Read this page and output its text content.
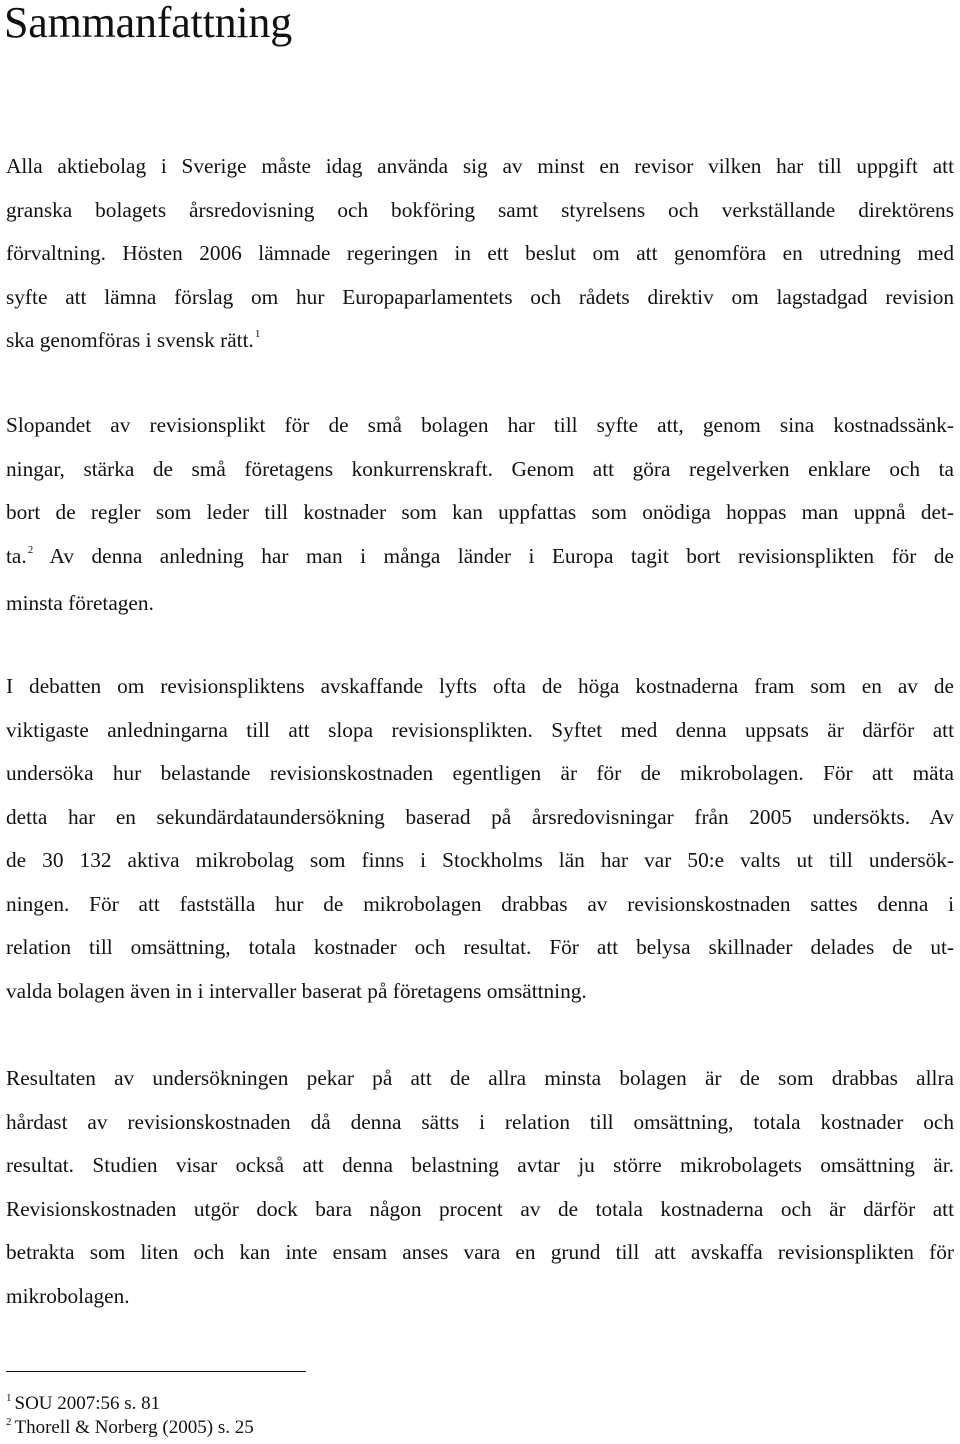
Sammanfattning

Alla aktiebolag i Sverige måste idag använda sig av minst en revisor vilken har till uppgift att
granska bolagets årsredovisning och bokföring samt styrelsens och verkställande direktörens
förvaltning. Hösten 2006 lämnade regeringen in ett beslut om att genomföra en utredning med
syfte att lämna förslag om hur Europaparlamentets och rådets direktiv om lagstadgad revision
ska genomföras i svensk rätt.$^1$

Slopandet av revisionsplikt för de små bolagen har till syfte att, genom sina kostnadssänk-
ningar, stärka de små företagens konkurrenskraft. Genom att göra regelverken enklare och ta
bort de regler som leder till kostnader som kan uppfattas som onödiga hoppas man uppnå det-
ta.$^2$ Av denna anledning har man i många länder i Europa tagit bort revisionsplikten för de
minsta företagen.

I debatten om revisionspliktens avskaffande lyfts ofta de höga kostnaderna fram som en av de
viktigaste anledningarna till att slopa revisionsplikten. Syftet med denna uppsats är därför att
undersöka hur belastande revisionskostnaden egentligen är för de mikrobolagen. För att mäta
detta har en sekundärdataundersökning baserad på årsredovisningar från 2005 undersökts. Av
de 30 132 aktiva mikrobolag som finns i Stockholms län har var 50:e valts ut till undersök-
ningen. För att fastställa hur de mikrobolagen drabbas av revisionskostnaden sattes denna i
relation till omsättning, totala kostnader och resultat. För att belysa skillnader delades de ut-
valda bolagen även in i intervaller baserat på företagens omsättning.

Resultaten av undersökningen pekar på att de allra minsta bolagen är de som drabbas allra
hårdast av revisionskostnaden då denna sätts i relation till omsättning, totala kostnader och
resultat. Studien visar också att denna belastning avtar ju större mikrobolagets omsättning är.
Revisionskostnaden utgör dock bara någon procent av de totala kostnaderna och är därför att
betrakta som liten och kan inte ensam anses vara en grund till att avskaffa revisionsplikten för
mikrobolagen.

$^1$ SOU 2007:56 s. 81
$^2$ Thorell & Norberg (2005) s. 25
